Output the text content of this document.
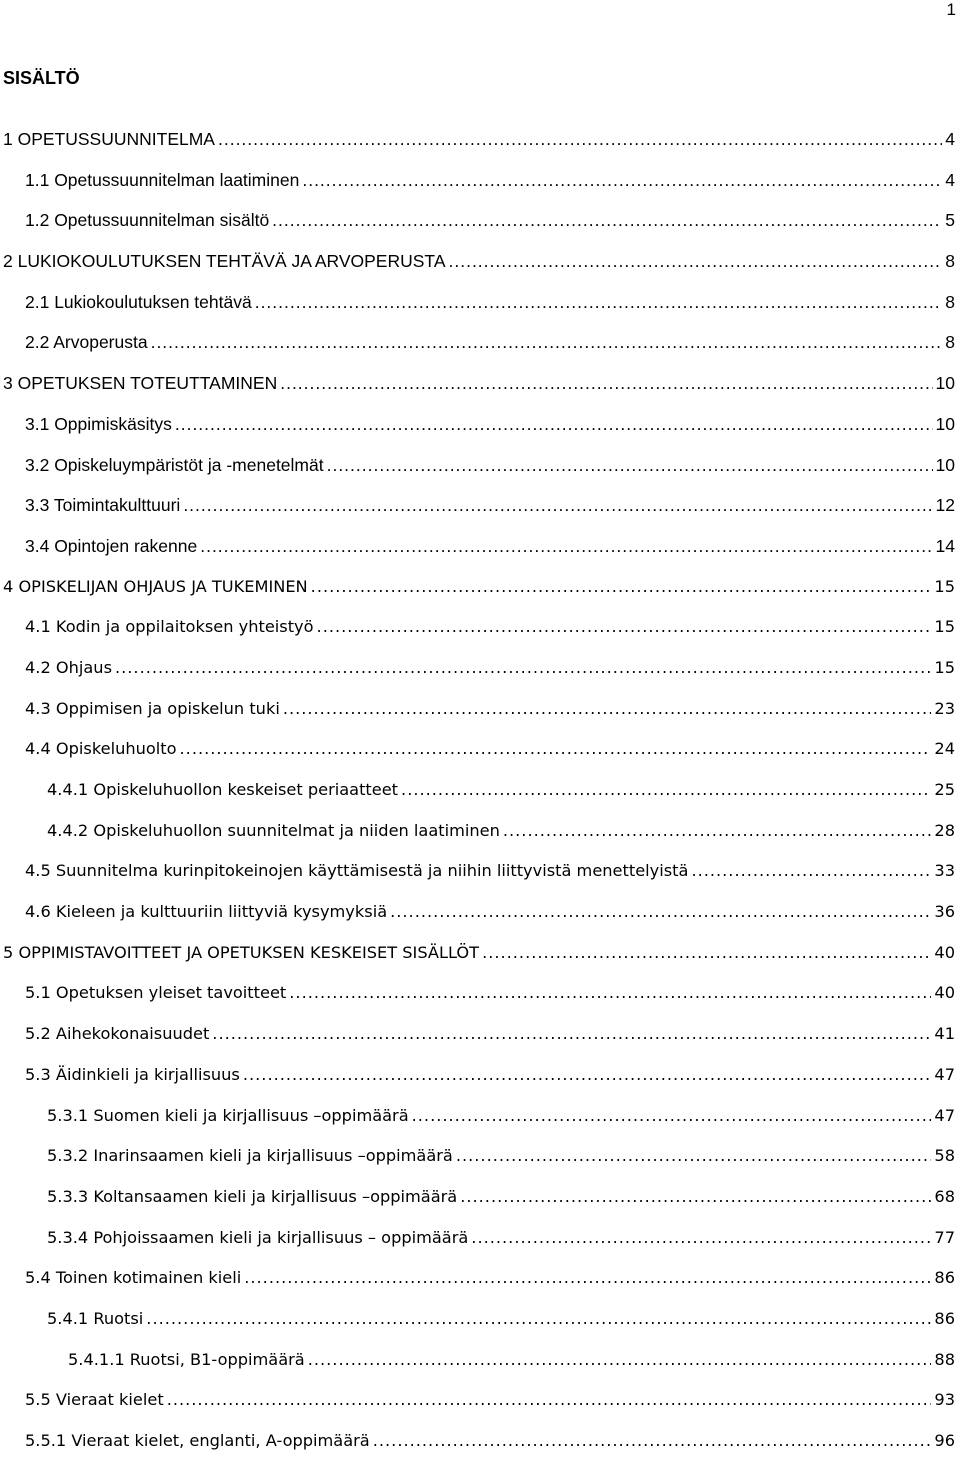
1
SISÄLTÖ
1 OPETUSSUUNNITELMA .....	4
1.1 Opetussuunnitelman laatiminen .....	4
1.2 Opetussuunnitelman sisältö .....	5
2 LUKIOKOULUTUKSEN TEHTÄVÄ JA ARVOPERUSTA .....	8
2.1 Lukiokoulutuksen tehtävä .....	8
2.2 Arvoperusta .....	8
3 OPETUKSEN TOTEUTTAMINEN .....	10
3.1 Oppimiskäsitys .....	10
3.2 Opiskeluympäristöt ja -menetelmät .....	10
3.3 Toimintakulttuuri .....	12
3.4 Opintojen rakenne .....	14
4 OPISKELIJAN OHJAUS JA TUKEMINEN .....	15
4.1 Kodin ja oppilaitoksen yhteistyö .....	15
4.2 Ohjaus .....	15
4.3 Oppimisen ja opiskelun tuki .....	23
4.4 Opiskeluhuolto .....	24
4.4.1 Opiskeluhuollon keskeiset periaatteet .....	25
4.4.2 Opiskeluhuollon suunnitelmat ja niiden laatiminen .....	28
4.5 Suunnitelma kurinpitokeinojen käyttämisestä ja niihin liittyvistä menettelyistä .....	33
4.6 Kieleen ja kulttuuriin liittyviä kysymyksiä .....	36
5 OPPIMISTAVOITTEET JA OPETUKSEN KESKEISET SISÄLLÖT .....	40
5.1 Opetuksen yleiset tavoitteet .....	40
5.2 Aihekokonaisuudet .....	41
5.3 Äidinkieli ja kirjallisuus .....	47
5.3.1 Suomen kieli ja kirjallisuus –oppimäärä .....	47
5.3.2 Inarinsaamen kieli ja kirjallisuus –oppimäärä .....	58
5.3.3 Koltansaamen kieli ja kirjallisuus –oppimäärä .....	68
5.3.4 Pohjoissaamen kieli ja kirjallisuus – oppimäärä .....	77
5.4 Toinen kotimainen kieli .....	86
5.4.1 Ruotsi .....	86
5.4.1.1 Ruotsi, B1-oppimäärä .....	88
5.5 Vieraat kielet .....	93
5.5.1 Vieraat kielet, englanti, A-oppimäärä .....	96
